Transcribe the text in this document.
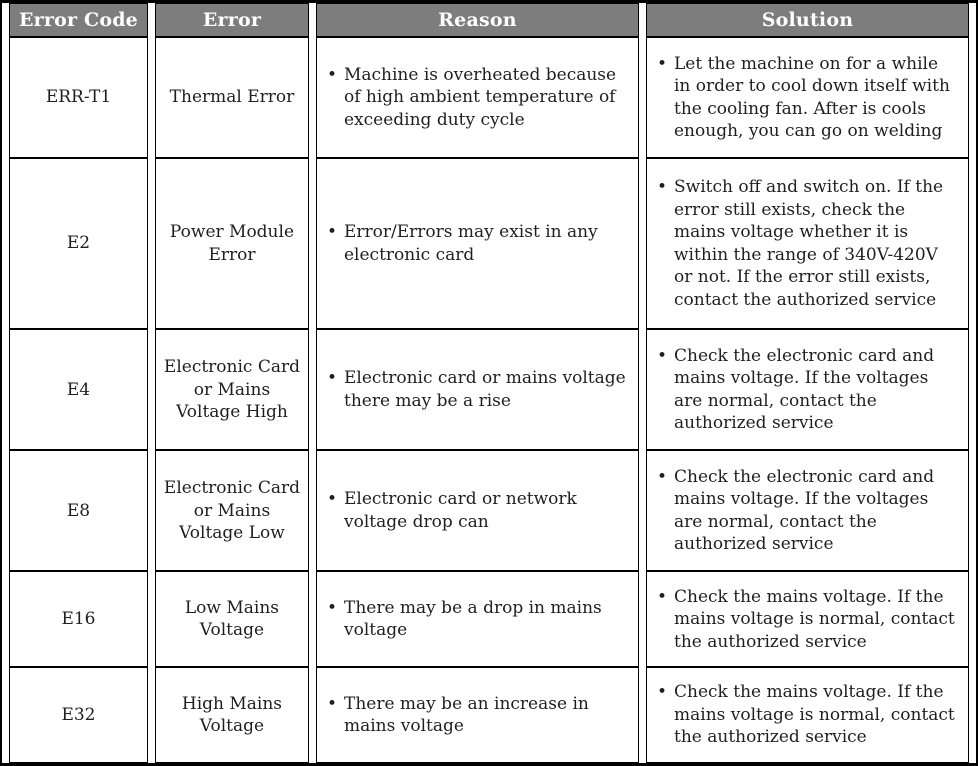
Error Code	Error	Reason	Solution
ERR-T1	Thermal Error	• Machine is overheated because of high ambient temperature of exceeding duty cycle	• Let the machine on for a while in order to cool down itself with the cooling fan. After is cools enough, you can go on welding

E2	Power Module Error	• Error/Errors may exist in any electronic card	• Switch off and switch on. If the error still exists, check the mains voltage whether it is within the range of 340V-420V or not. If the error still exists, contact the authorized service

E4	Electronic Card or Mains Voltage High	• Electronic card or mains voltage there may be a rise	• Check the electronic card and mains voltage. If the voltages are normal, contact the authorized service

E8	Electronic Card or Mains Voltage Low	• Electronic card or network voltage drop can	• Check the electronic card and mains voltage. If the voltages are normal, contact the authorized service

E16	Low Mains Voltage	• There may be a drop in mains voltage	• Check the mains voltage. If the mains voltage is normal, contact the authorized service

E32	High Mains Voltage	• There may be an increase in mains voltage	• Check the mains voltage. If the mains voltage is normal, contact the authorized service
